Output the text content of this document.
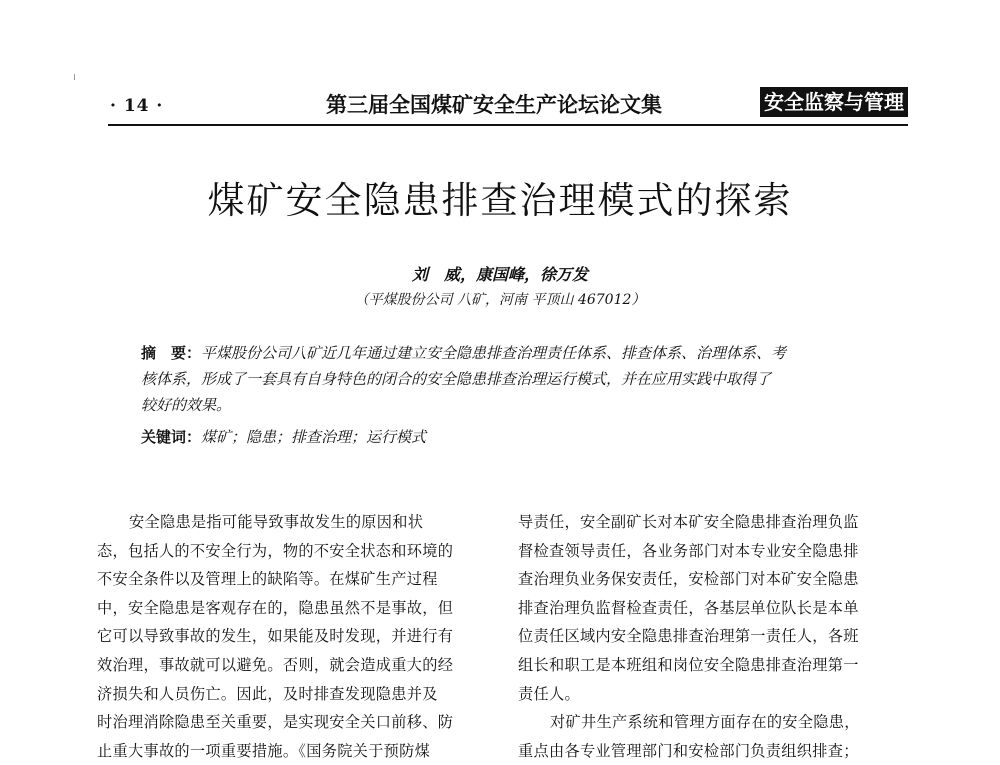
· 14 ·	第三届全国煤矿安全生产论坛论文集	安全监察与管理
煤矿安全隐患排查治理模式的探索
刘　威，康国峰，徐万发
（平煤股份公司 八矿，河南 平顶山 467012）
摘　要：平煤股份公司八矿近几年通过建立安全隐患排查治理责任体系、排查体系、治理体系、考
核体系，形成了一套具有自身特色的闭合的安全隐患排查治理运行模式，并在应用实践中取得了
较好的效果。
关键词：煤矿；隐患；排查治理；运行模式
安全隐患是指可能导致事故发生的原因和状
态，包括人的不安全行为，物的不安全状态和环境的
不安全条件以及管理上的缺陷等。在煤矿生产过程
中，安全隐患是客观存在的，隐患虽然不是事故，但
它可以导致事故的发生，如果能及时发现，并进行有
效治理，事故就可以避免。否则，就会造成重大的经
济损失和人员伤亡。因此，及时排查发现隐患并及
时治理消除隐患至关重要，是实现安全关口前移、防
止重大事故的一项重要措施。《国务院关于预防煤
导责任，安全副矿长对本矿安全隐患排查治理负监
督检查领导责任，各业务部门对本专业安全隐患排
查治理负业务保安责任，安检部门对本矿安全隐患
排查治理负监督检查责任，各基层单位队长是本单
位责任区域内安全隐患排查治理第一责任人，各班
组长和职工是本班组和岗位安全隐患排查治理第一
责任人。
对矿井生产系统和管理方面存在的安全隐患，
重点由各专业管理部门和安检部门负责组织排查；
